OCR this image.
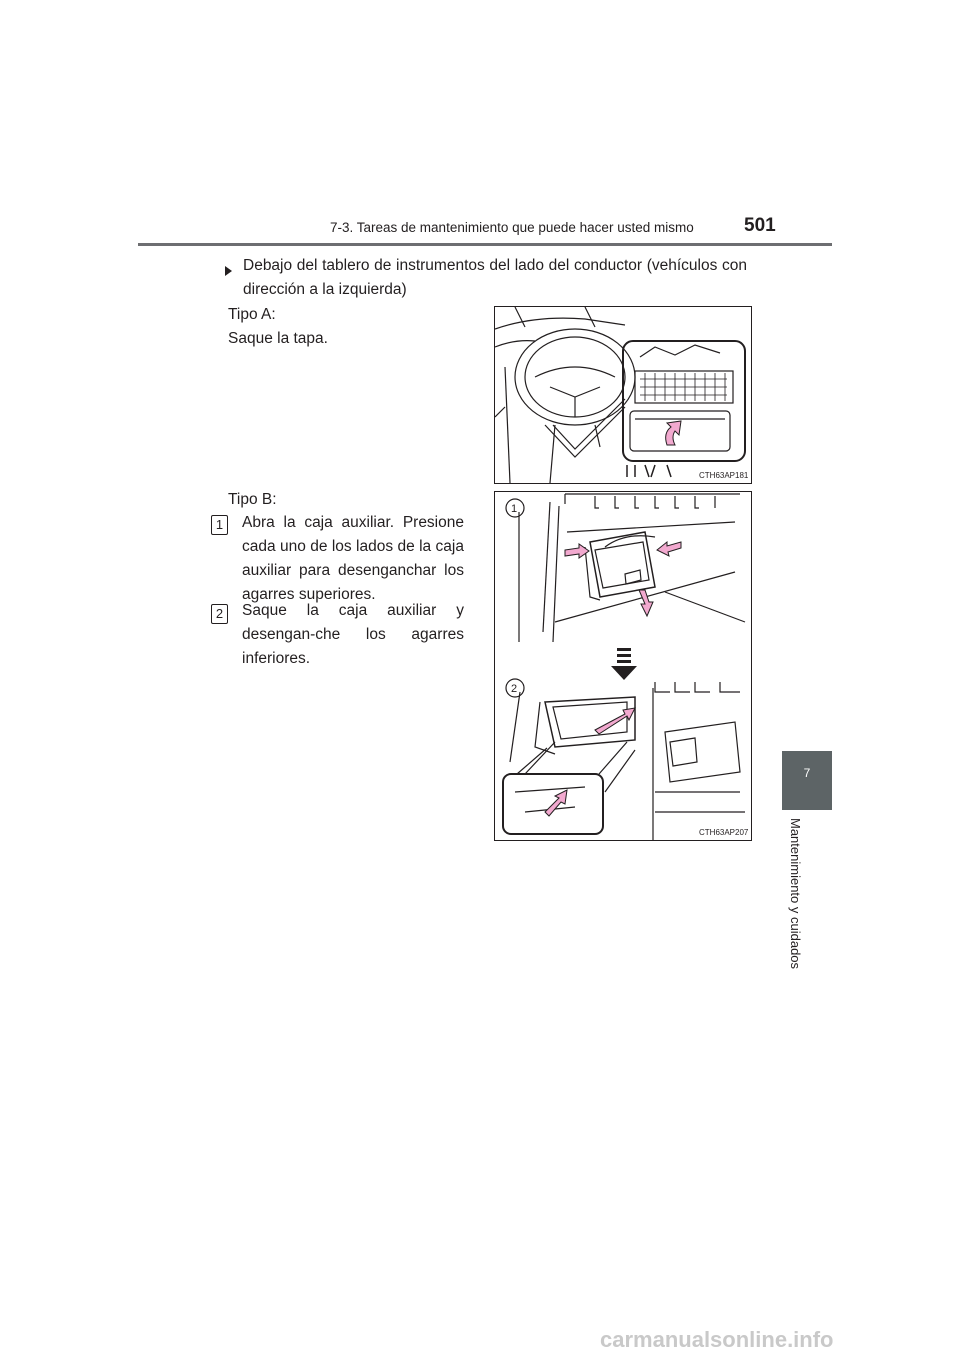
7-3. Tareas de mantenimiento que puede hacer usted mismo	501
7
Mantenimiento y cuidados
Debajo del tablero de instrumentos del lado del conductor (vehículos con
dirección a la izquierda)
Tipo A:
Saque la tapa.
Tipo B:
1	Abra la caja auxiliar. Presione cada uno de los lados de la caja auxiliar para desenganchar los agarres superiores.
2	Saque la caja auxiliar y desengan-che los agarres inferiores.
CTH63AP181
1
2
CTH63AP207
carmanualsonline.info
